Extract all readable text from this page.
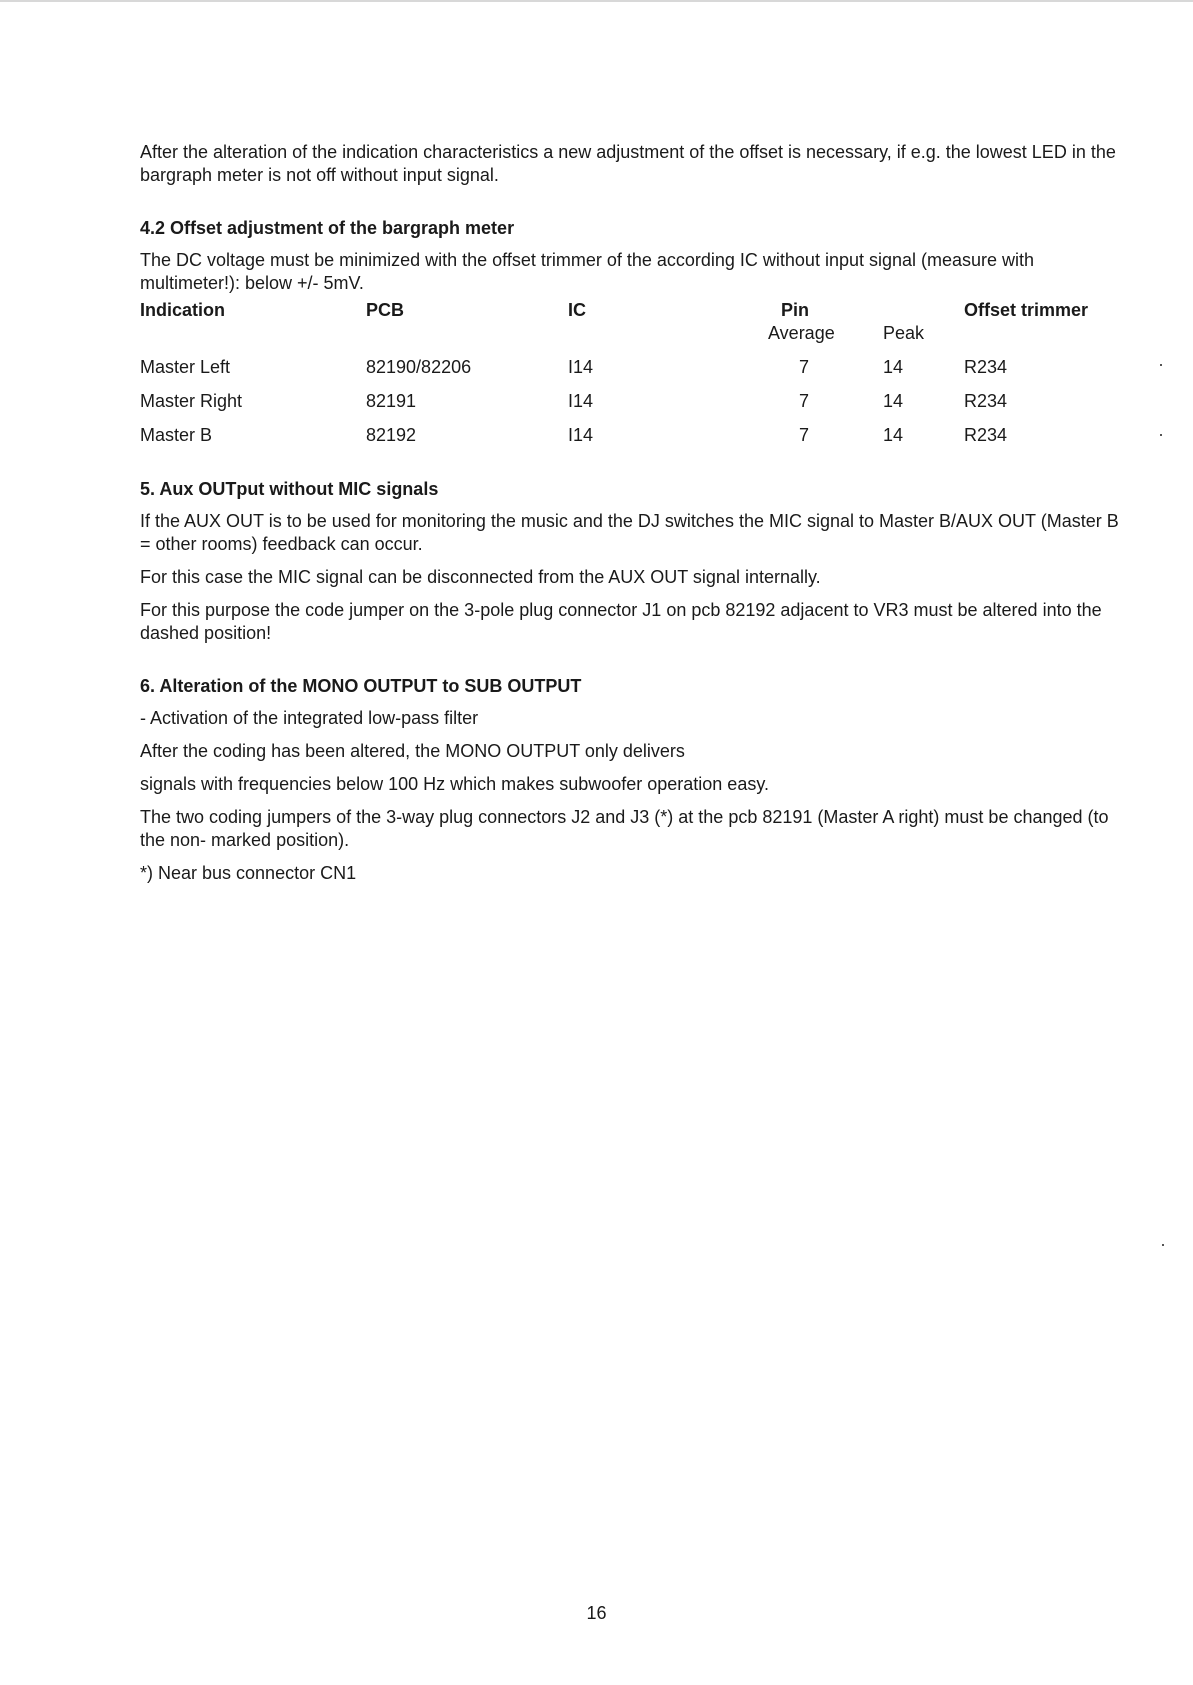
After the alteration of the indication characteristics a new adjustment of the offset is necessary, if e.g. the lowest LED in the bargraph meter is not off without input signal.

4.2 Offset adjustment of the bargraph meter

The DC voltage must be minimized with the offset trimmer of the according IC without input signal (measure with multimeter!): below +/- 5mV.

Indication	PCB	IC	Pin		Offset trimmer
			Average	Peak	
Master Left	82190/82206	I14	7	14	R234
Master Right	82191	I14	7	14	R234
Master B	82192	I14	7	14	R234
5. Aux OUTput without MIC signals

If the AUX OUT is to be used for monitoring the music and the DJ switches the MIC signal to Master B/AUX OUT (Master B = other rooms) feedback can occur.

For this case the MIC signal can be disconnected from the AUX OUT signal internally.

For this purpose the code jumper on the 3-pole plug connector J1 on pcb 82192 adjacent to VR3 must be altered into the dashed position!

6. Alteration of the MONO OUTPUT to SUB OUTPUT

- Activation of the integrated low-pass filter

After the coding has been altered, the MONO OUTPUT only delivers

signals with frequencies below 100 Hz which makes subwoofer operation easy.

The two coding jumpers of the 3-way plug connectors J2 and J3 (*) at the pcb 82191 (Master A right) must be changed (to the non- marked position).

*) Near bus connector CN1

16
